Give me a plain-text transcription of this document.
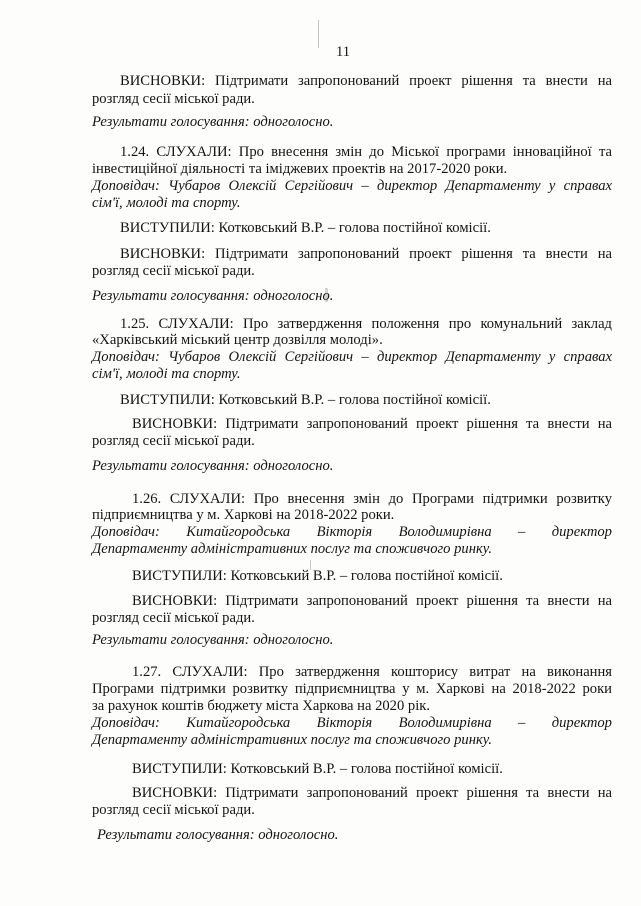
11
ВИСНОВКИ: Підтримати запропонований проект рішення та внести на
розгляд сесії міської ради.
Результати голосування: одноголосно.
1.24. СЛУХАЛИ: Про внесення змін до Міської програми інноваційної та
інвестиційної діяльності та іміджевих проектів на 2017-2020 роки.
Доповідач: Чубаров Олексій Сергійович – директор Департаменту у справах
сім'ї, молоді та спорту.
ВИСТУПИЛИ: Котковський В.Р. – голова постійної комісії.
ВИСНОВКИ: Підтримати запропонований проект рішення та внести на
розгляд сесії міської ради.
Результати голосування: одноголосно.
1.25. СЛУХАЛИ: Про затвердження положення про комунальний заклад
«Харківський міський центр дозвілля молоді».
Доповідач: Чубаров Олексій Сергійович – директор Департаменту у справах
сім'ї, молоді та спорту.
ВИСТУПИЛИ: Котковський В.Р. – голова постійної комісії.
ВИСНОВКИ: Підтримати запропонований проект рішення та внести на
розгляд сесії міської ради.
Результати голосування: одноголосно.
1.26. СЛУХАЛИ: Про внесення змін до Програми підтримки розвитку
підприємництва у м. Харкові на 2018-2022 роки.
Доповідач: Китайгородська Вікторія Володимирівна – директор
Департаменту адміністративних послуг та споживчого ринку.
ВИСТУПИЛИ: Котковський В.Р. – голова постійної комісії.
ВИСНОВКИ: Підтримати запропонований проект рішення та внести на
розгляд сесії міської ради.
Результати голосування: одноголосно.
1.27. СЛУХАЛИ: Про затвердження кошторису витрат на виконання
Програми підтримки розвитку підприємництва у м. Харкові на 2018-2022 роки
за рахунок коштів бюджету міста Харкова на 2020 рік.
Доповідач: Китайгородська Вікторія Володимирівна – директор
Департаменту адміністративних послуг та споживчого ринку.
ВИСТУПИЛИ: Котковський В.Р. – голова постійної комісії.
ВИСНОВКИ: Підтримати запропонований проект рішення та внести на
розгляд сесії міської ради.
Результати голосування: одноголосно.
